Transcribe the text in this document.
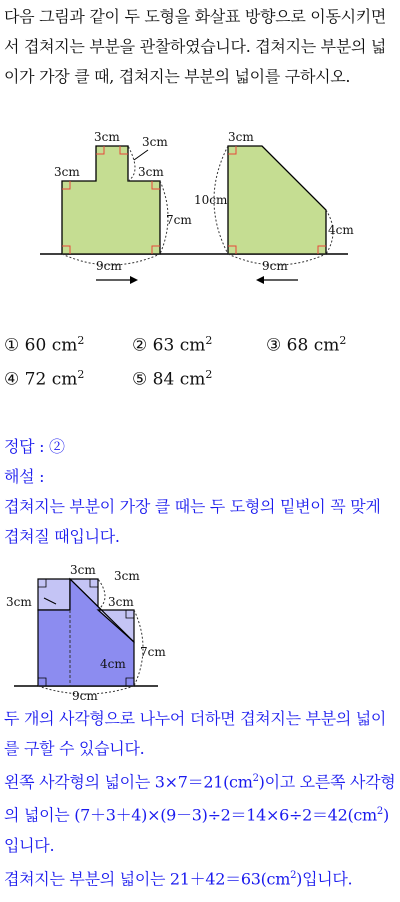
다음 그림과 같이 두 도형을 화살표 방향으로 이동시키면서 겹쳐지는 부분을 관찰하였습니다. 겹쳐지는 부분의 넓이가 가장 클 때, 겹쳐지는 부분의 넓이를 구하시오.

3cm 3cm
3cm
3cm
7cm
9cm
3cm
10cm
4cm
9cm
① 60 $cm^2$	② 63 $cm^2$	③ 68 $cm^2$
④ 72 $cm^2$	⑤ 84 $cm^2$
정답 : ②
해설 :
겹쳐지는 부분이 가장 클 때는 두 도형의 밑변이 꼭 맞게 겹쳐질 때입니다.
3cm 3cm
3cm	3cm
7cm
4cm
9cm
두 개의 사각형으로 나누어 더하면 겹쳐지는 부분의 넓이를 구할 수 있습니다.
왼쪽 사각형의 넓이는 $3\times 7=21(cm^2)$이고 오른쪽 사각형의 넓이는 $(7+3+4)\times(9-3)\div 2=14\times 6\div 2=42(cm^2)$입니다.
겹쳐지는 부분의 넓이는 $21+42=63(cm^2)$입니다.
